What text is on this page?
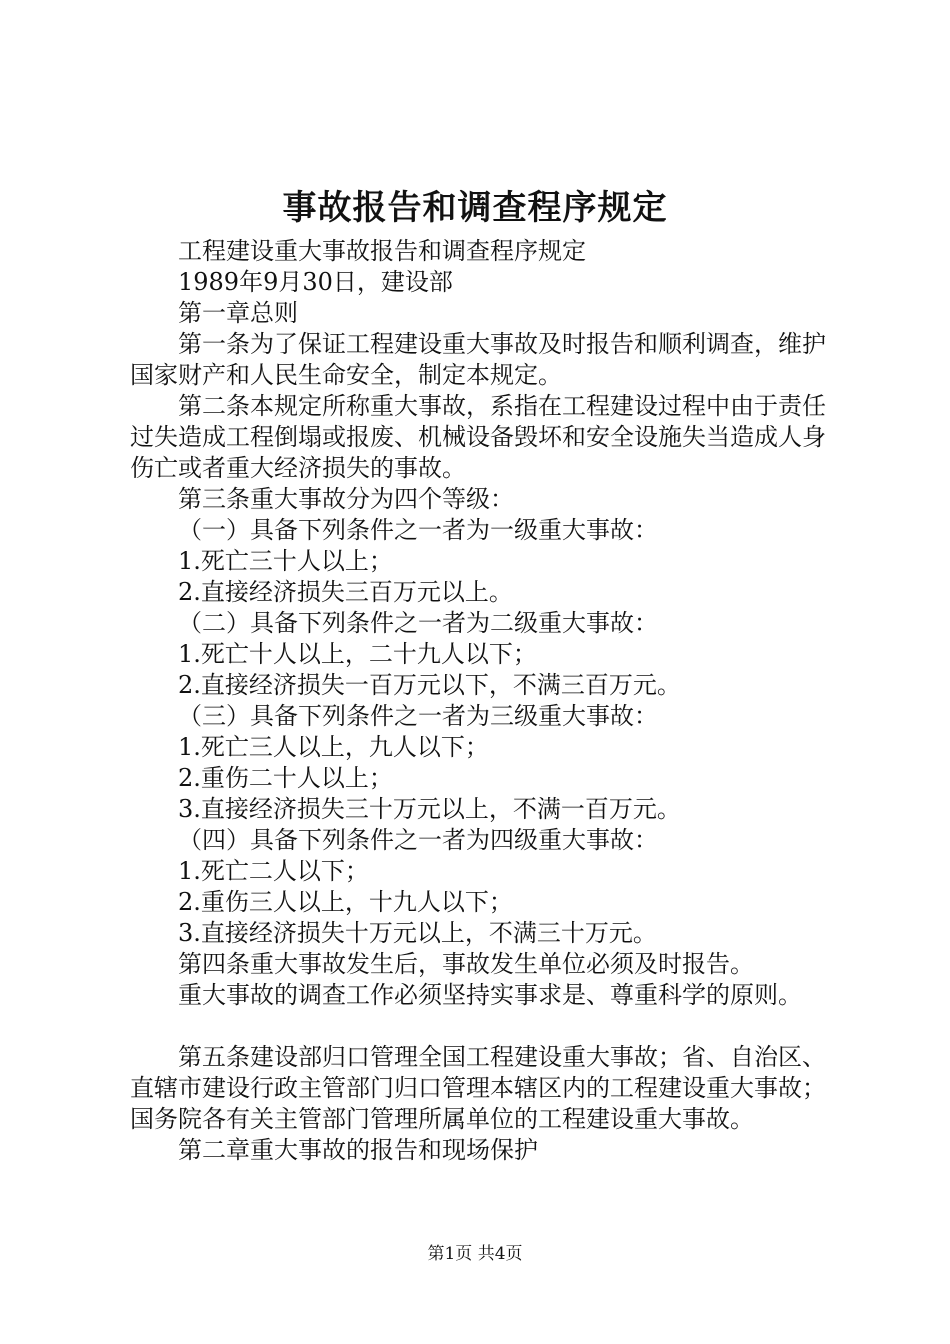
事故报告和调查程序规定

工程建设重大事故报告和调查程序规定

1989年9月30日，建设部

第一章总则

第一条为了保证工程建设重大事故及时报告和顺利调查，维护国家财产和人民生命安全，制定本规定。

第二条本规定所称重大事故，系指在工程建设过程中由于责任过失造成工程倒塌或报废、机械设备毁坏和安全设施失当造成人身伤亡或者重大经济损失的事故。

第三条重大事故分为四个等级：

（一）具备下列条件之一者为一级重大事故：

1.死亡三十人以上；

2.直接经济损失三百万元以上。

（二）具备下列条件之一者为二级重大事故：

1.死亡十人以上，二十九人以下；

2.直接经济损失一百万元以下，不满三百万元。

（三）具备下列条件之一者为三级重大事故：

1.死亡三人以上，九人以下；

2.重伤二十人以上；

3.直接经济损失三十万元以上，不满一百万元。

（四）具备下列条件之一者为四级重大事故：

1.死亡二人以下；

2.重伤三人以上，十九人以下；

3.直接经济损失十万元以上，不满三十万元。

第四条重大事故发生后，事故发生单位必须及时报告。

重大事故的调查工作必须坚持实事求是、尊重科学的原则。

第五条建设部归口管理全国工程建设重大事故；省、自治区、直辖市建设行政主管部门归口管理本辖区内的工程建设重大事故；国务院各有关主管部门管理所属单位的工程建设重大事故。

第二章重大事故的报告和现场保护

第1页 共4页
